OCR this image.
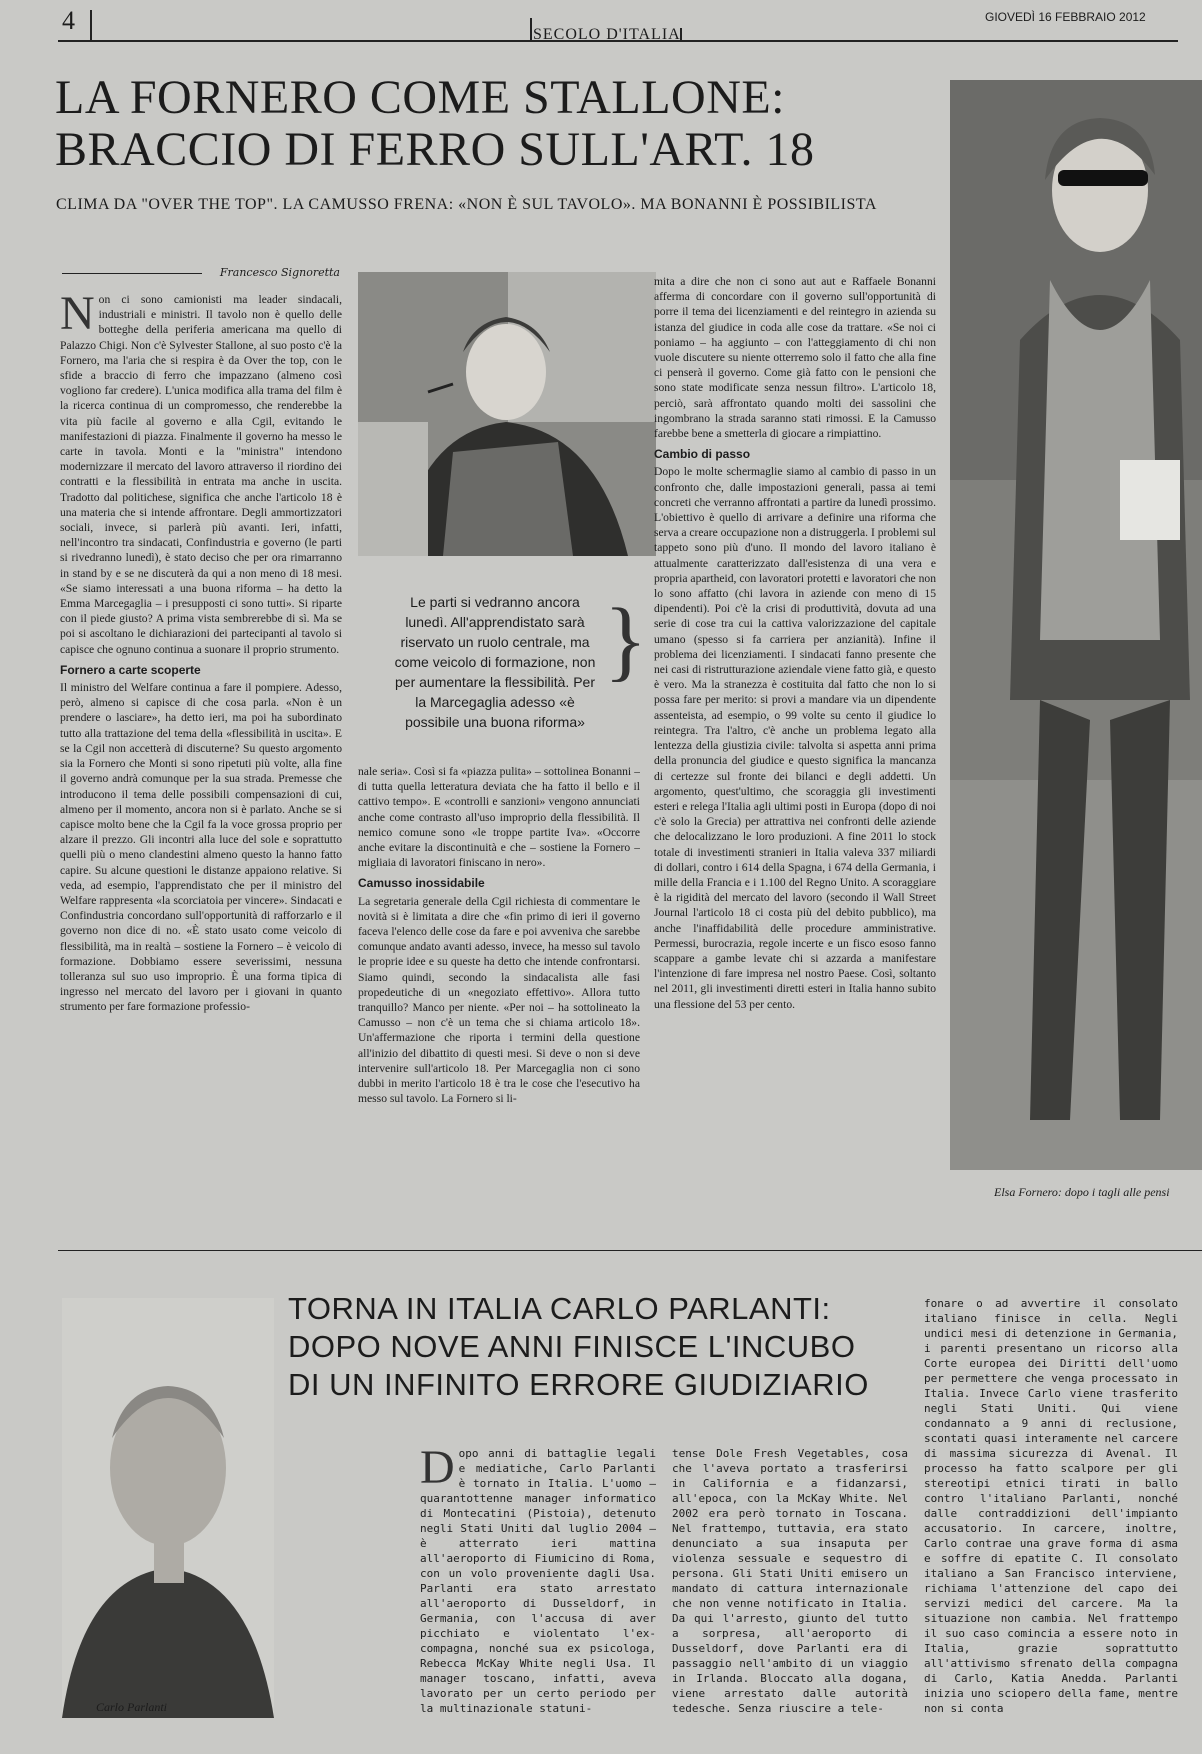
4	SECOLO D'ITALIA
GIOVEDÌ 16 FEBBRAIO 2012
LA FORNERO COME STALLONE:
BRACCIO DI FERRO SULL'ART. 18
CLIMA DA "OVER THE TOP". LA CAMUSSO FRENA: «NON È SUL TAVOLO». MA BONANNI È POSSIBILISTA
Francesco Signoretta
N on ci sono camionisti ma leader sindacali, industriali e ministri. Il tavolo non è quello delle botteghe della periferia americana ma quello di Palazzo Chigi. Non c'è Sylvester Stallone, al suo posto c'è la Fornero, ma l'aria che si respira è da Over the top, con le sfide a braccio di ferro che impazzano (almeno così vogliono far credere). L'unica modifica alla trama del film è la ricerca continua di un compromesso, che renderebbe la vita più facile al governo e alla Cgil, evitando le manifestazioni di piazza. Finalmente il governo ha messo le carte in tavola. Monti e la "ministra" intendono modernizzare il mercato del lavoro attraverso il riordino dei contratti e la flessibilità in entrata ma anche in uscita. Tradotto dal politichese, significa che anche l'articolo 18 è una materia che si intende affrontare. Degli ammortizzatori sociali, invece, si parlerà più avanti. Ieri, infatti, nell'incontro tra sindacati, Confindustria e governo (le parti si rivedranno lunedì), è stato deciso che per ora rimarranno in stand by e se ne discuterà da qui a non meno di 18 mesi. «Se siamo interessati a una buona riforma – ha detto la Emma Marcegaglia – i presupposti ci sono tutti». Si riparte con il piede giusto? A prima vista sembrerebbe di sì. Ma se poi si ascoltano le dichiarazioni dei partecipanti al tavolo si capisce che ognuno continua a suonare il proprio strumento.

Fornero a carte scoperte

Il ministro del Welfare continua a fare il pompiere. Adesso, però, almeno si capisce di che cosa parla. «Non è un prendere o lasciare», ha detto ieri, ma poi ha subordinato tutto alla trattazione del tema della «flessibilità in uscita». E se la Cgil non accetterà di discuterne? Su questo argomento sia la Fornero che Monti si sono ripetuti più volte, alla fine il governo andrà comunque per la sua strada. Premesse che introducono il tema delle possibili compensazioni di cui, almeno per il momento, ancora non si è parlato. Anche se si capisce molto bene che la Cgil fa la voce grossa proprio per alzare il prezzo. Gli incontri alla luce del sole e soprattutto quelli più o meno clandestini almeno questo la hanno fatto capire. Su alcune questioni le distanze appaiono relative. Si veda, ad esempio, l'apprendistato che per il ministro del Welfare rappresenta «la scorciatoia per vincere». Sindacati e Confindustria concordano sull'opportunità di rafforzarlo e il governo non dice di no. «È stato usato come veicolo di flessibilità, ma in realtà – sostiene la Fornero – è veicolo di formazione. Dobbiamo essere severissimi, nessuna tolleranza sul suo uso improprio. È una forma tipica di ingresso nel mercato del lavoro per i giovani in quanto strumento per fare formazione professio-

Le parti si vedranno ancora lunedì. All'apprendistato sarà riservato un ruolo centrale, ma come veicolo di formazione, non per aumentare la flessibilità. Per la Marcegaglia adesso «è possibile una buona riforma»
}

nale seria». Così si fa «piazza pulita» – sottolinea Bonanni – di tutta quella letteratura deviata che ha fatto il bello e il cattivo tempo». E «controlli e sanzioni» vengono annunciati anche come contrasto all'uso improprio della flessibilità. Il nemico comune sono «le troppe partite Iva». «Occorre anche evitare la discontinuità e che – sostiene la Fornero – migliaia di lavoratori finiscano in nero».

Camusso inossidabile

La segretaria generale della Cgil richiesta di commentare le novità si è limitata a dire che «fin primo di ieri il governo faceva l'elenco delle cose da fare e poi avveniva che sarebbe comunque andato avanti adesso, invece, ha messo sul tavolo le proprie idee e su queste ha detto che intende confrontarsi. Siamo quindi, secondo la sindacalista alle fasi propedeutiche di un «negoziato effettivo». Allora tutto tranquillo? Manco per niente. «Per noi – ha sottolineato la Camusso – non c'è un tema che si chiama articolo 18». Un'affermazione che riporta i termini della questione all'inizio del dibattito di questi mesi. Si deve o non si deve intervenire sull'articolo 18. Per Marcegaglia non ci sono dubbi in merito l'articolo 18 è tra le cose che l'esecutivo ha messo sul tavolo. La Fornero si li-

mita a dire che non ci sono aut aut e Raffaele Bonanni afferma di concordare con il governo sull'opportunità di porre il tema dei licenziamenti e del reintegro in azienda su istanza del giudice in coda alle cose da trattare. «Se noi ci poniamo – ha aggiunto – con l'atteggiamento di chi non vuole discutere su niente otterremo solo il fatto che alla fine ci penserà il governo. Come già fatto con le pensioni che sono state modificate senza nessun filtro». L'articolo 18, perciò, sarà affrontato quando molti dei sassolini che ingombrano la strada saranno stati rimossi. E la Camusso farebbe bene a smetterla di giocare a rimpiattino.

Cambio di passo

Dopo le molte schermaglie siamo al cambio di passo in un confronto che, dalle impostazioni generali, passa ai temi concreti che verranno affrontati a partire da lunedì prossimo. L'obiettivo è quello di arrivare a definire una riforma che serva a creare occupazione non a distruggerla. I problemi sul tappeto sono più d'uno. Il mondo del lavoro italiano è attualmente caratterizzato dall'esistenza di una vera e propria apartheid, con lavoratori protetti e lavoratori che non lo sono affatto (chi lavora in aziende con meno di 15 dipendenti). Poi c'è la crisi di produttività, dovuta ad una serie di cose tra cui la cattiva valorizzazione del capitale umano (spesso si fa carriera per anzianità). Infine il problema dei licenziamenti. I sindacati fanno presente che nei casi di ristrutturazione aziendale viene fatto già, e questo è vero. Ma la stranezza è costituita dal fatto che non lo si possa fare per merito: si provi a mandare via un dipendente assenteista, ad esempio, o 99 volte su cento il giudice lo reintegra. Tra l'altro, c'è anche un problema legato alla lentezza della giustizia civile: talvolta si aspetta anni prima della pronuncia del giudice e questo significa la mancanza di certezze sul fronte dei bilanci e degli addetti. Un argomento, quest'ultimo, che scoraggia gli investimenti esteri e relega l'Italia agli ultimi posti in Europa (dopo di noi c'è solo la Grecia) per attrattiva nei confronti delle aziende che delocalizzano le loro produzioni. A fine 2011 lo stock totale di investimenti stranieri in Italia valeva 337 miliardi di dollari, contro i 614 della Spagna, i 674 della Germania, i mille della Francia e i 1.100 del Regno Unito. A scoraggiare è la rigidità del mercato del lavoro (secondo il Wall Street Journal l'articolo 18 ci costa più del debito pubblico), ma anche l'inaffidabilità delle procedure amministrative. Permessi, burocrazia, regole incerte e un fisco esoso fanno scappare a gambe levate chi si azzarda a manifestare l'intenzione di fare impresa nel nostro Paese. Così, soltanto nel 2011, gli investimenti diretti esteri in Italia hanno subito una flessione del 53 per cento.

Elsa Fornero: dopo i tagli alle pensi
Carlo Parlanti
TORNA IN ITALIA CARLO PARLANTI:
DOPO NOVE ANNI FINISCE L'INCUBO
DI UN INFINITO ERRORE GIUDIZIARIO
D opo anni di battaglie legali e mediatiche, Carlo Parlanti è tornato in Italia. L'uomo – quarantottenne manager informatico di Montecatini (Pistoia), detenuto negli Stati Uniti dal luglio 2004 – è atterrato ieri mattina all'aeroporto di Fiumicino di Roma, con un volo proveniente dagli Usa. Parlanti era stato arrestato all'aeroporto di Dusseldorf, in Germania, con l'accusa di aver picchiato e violentato l'ex-compagna, nonché sua ex psicologa, Rebecca McKay White negli Usa. Il manager toscano, infatti, aveva lavorato per un certo periodo per la multinazionale statuni-

tense Dole Fresh Vegetables, cosa che l'aveva portato a trasferirsi in California e a fidanzarsi, all'epoca, con la McKay White. Nel 2002 era però tornato in Toscana. Nel frattempo, tuttavia, era stato denunciato a sua insaputa per violenza sessuale e sequestro di persona. Gli Stati Uniti emisero un mandato di cattura internazionale che non venne notificato in Italia. Da qui l'arresto, giunto del tutto a sorpresa, all'aeroporto di Dusseldorf, dove Parlanti era di passaggio nell'ambito di un viaggio in Irlanda. Bloccato alla dogana, viene arrestato dalle autorità tedesche. Senza riuscire a tele-

fonare o ad avvertire il consolato italiano finisce in cella. Negli undici mesi di detenzione in Germania, i parenti presentano un ricorso alla Corte europea dei Diritti dell'uomo per permettere che venga processato in Italia. Invece Carlo viene trasferito negli Stati Uniti. Qui viene condannato a 9 anni di reclusione, scontati quasi interamente nel carcere di massima sicurezza di Avenal. Il processo ha fatto scalpore per gli stereotipi etnici tirati in ballo contro l'italiano Parlanti, nonché dalle contraddizioni dell'impianto accusatorio. In carcere, inoltre, Carlo contrae una grave forma di asma e soffre di epatite C. Il consolato italiano a San Francisco interviene, richiama l'attenzione del capo dei servizi medici del carcere. Ma la situazione non cambia. Nel frattempo il suo caso comincia a essere noto in Italia, grazie soprattutto all'attivismo sfrenato della compagna di Carlo, Katia Anedda. Parlanti inizia uno sciopero della fame, mentre non si conta
